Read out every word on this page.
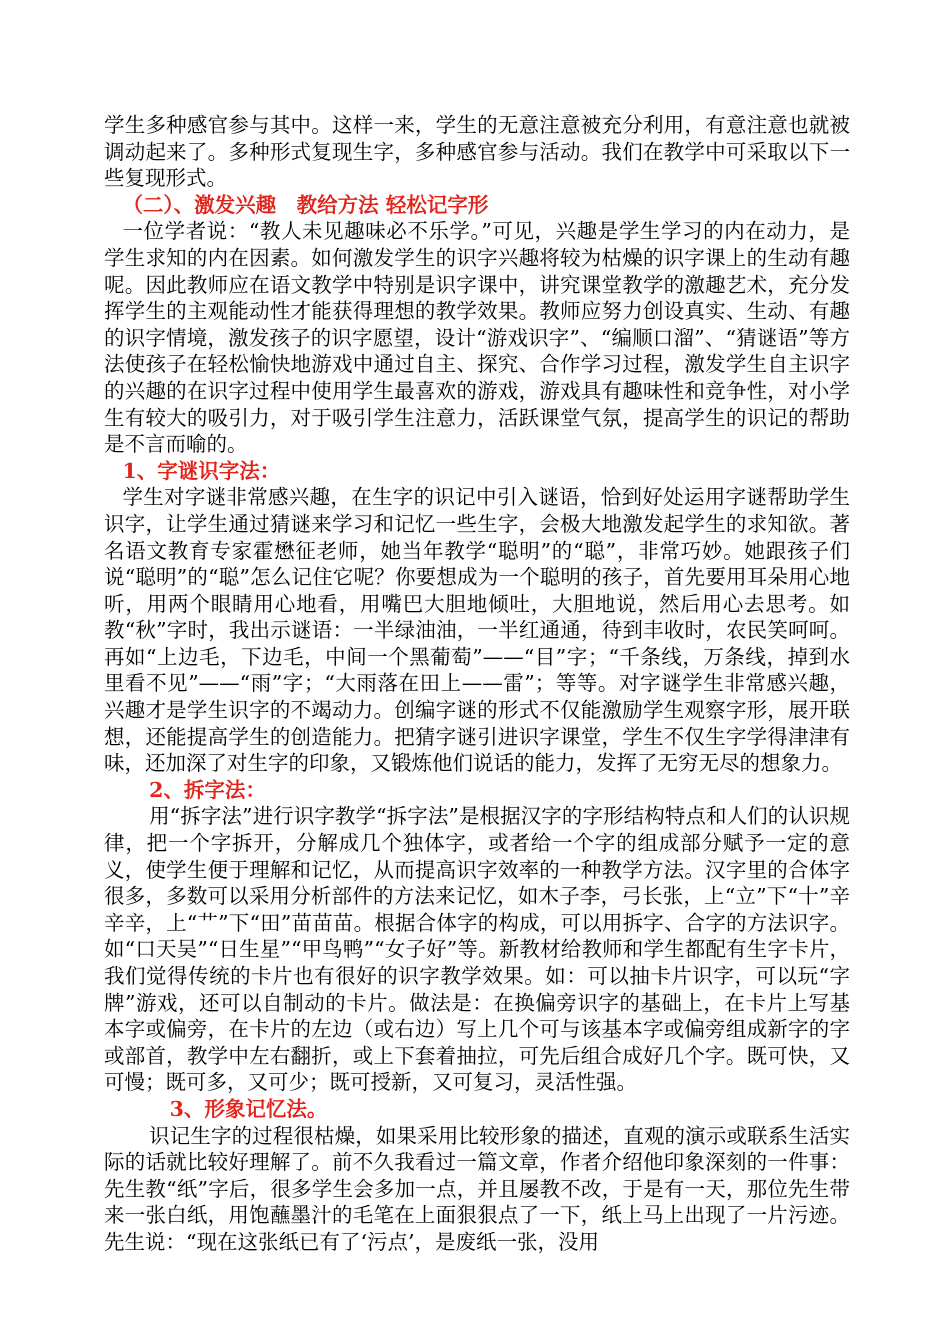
学生多种感官参与其中。这样一来，学生的无意注意被充分利用，有意注意也就被调动起来了。多种形式复现生字，多种感官参与活动。我们在教学中可采取以下一些复现形式。

（二）、激发兴趣　教给方法 轻松记字形

一位学者说：“教人未见趣味必不乐学。”可见，兴趣是学生学习的内在动力，是学生求知的内在因素。如何激发学生的识字兴趣将较为枯燥的识字课上的生动有趣呢。因此教师应在语文教学中特别是识字课中，讲究课堂教学的激趣艺术，充分发挥学生的主观能动性才能获得理想的教学效果。教师应努力创设真实、生动、有趣的识字情境，激发孩子的识字愿望，设计“游戏识字”、“编顺口溜”、“猜谜语”等方法使孩子在轻松愉快地游戏中通过自主、探究、合作学习过程，激发学生自主识字的兴趣的在识字过程中使用学生最喜欢的游戏，游戏具有趣味性和竞争性，对小学生有较大的吸引力，对于吸引学生注意力，活跃课堂气氛，提高学生的识记的帮助是不言而喻的。

1、字谜识字法：

学生对字谜非常感兴趣，在生字的识记中引入谜语，恰到好处运用字谜帮助学生识字，让学生通过猜谜来学习和记忆一些生字，会极大地激发起学生的求知欲。著名语文教育专家霍懋征老师，她当年教学“聪明”的“聪”，非常巧妙。她跟孩子们说“聪明”的“聪”怎么记住它呢？你要想成为一个聪明的孩子，首先要用耳朵用心地听，用两个眼睛用心地看，用嘴巴大胆地倾吐，大胆地说，然后用心去思考。如教“秋”字时，我出示谜语：一半绿油油，一半红通通，待到丰收时，农民笑呵呵。再如“上边毛，下边毛，中间一个黑葡萄”——“目”字；“千条线，万条线，掉到水里看不见”——“雨”字；“大雨落在田上——雷”；等等。对字谜学生非常感兴趣，兴趣才是学生识字的不竭动力。创编字谜的形式不仅能激励学生观察字形，展开联想，还能提高学生的创造能力。把猜字谜引进识字课堂，学生不仅生字学得津津有味，还加深了对生字的印象，又锻炼他们说话的能力，发挥了无穷无尽的想象力。

2、拆字法：

用“拆字法”进行识字教学“拆字法”是根据汉字的字形结构特点和人们的认识规律，把一个字拆开，分解成几个独体字，或者给一个字的组成部分赋予一定的意义，使学生便于理解和记忆，从而提高识字效率的一种教学方法。汉字里的合体字很多，多数可以采用分析部件的方法来记忆，如木子李，弓长张，上“立”下“十”辛辛辛，上“艹”下“田”苗苗苗。根据合体字的构成，可以用拆字、合字的方法识字。如“口天吴”“日生星”“甲鸟鸭”“女子好”等。新教材给教师和学生都配有生字卡片，我们觉得传统的卡片也有很好的识字教学效果。如：可以抽卡片识字，可以玩“字牌”游戏，还可以自制动的卡片。做法是：在换偏旁识字的基础上，在卡片上写基本字或偏旁，在卡片的左边（或右边）写上几个可与该基本字或偏旁组成新字的字或部首，教学中左右翻折，或上下套着抽拉，可先后组合成好几个字。既可快，又可慢；既可多，又可少；既可授新，又可复习，灵活性强。

3、形象记忆法。

识记生字的过程很枯燥，如果采用比较形象的描述，直观的演示或联系生活实际的话就比较好理解了。前不久我看过一篇文章，作者介绍他印象深刻的一件事：先生教“纸”字后，很多学生会多加一点，并且屡教不改，于是有一天，那位先生带来一张白纸，用饱蘸墨汁的毛笔在上面狠狠点了一下，纸上马上出现了一片污迹。先生说：“现在这张纸已有了‘污点’，是废纸一张，没用
